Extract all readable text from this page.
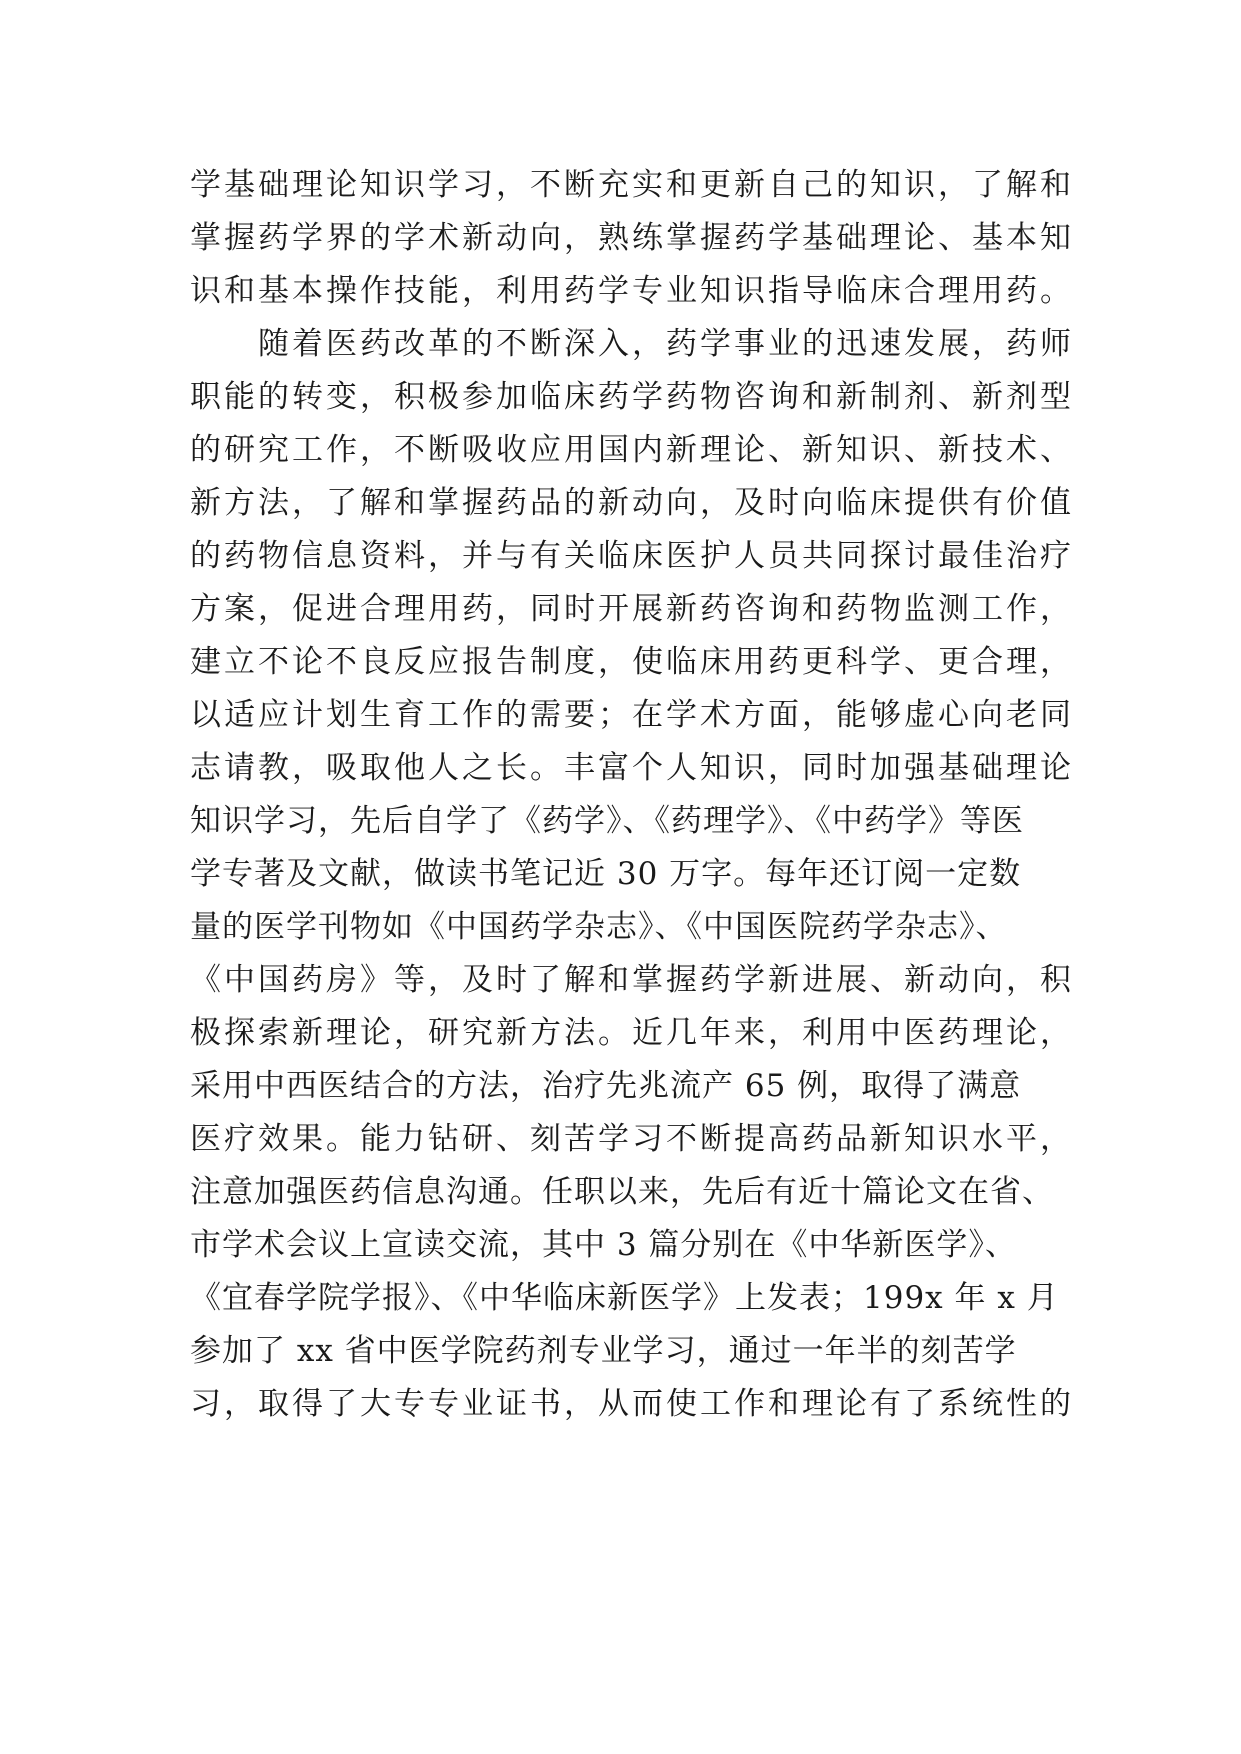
学基础理论知识学习，不断充实和更新自己的知识，了解和
掌握药学界的学术新动向，熟练掌握药学基础理论、基本知
识和基本操作技能，利用药学专业知识指导临床合理用药。
　　随着医药改革的不断深入，药学事业的迅速发展，药师
职能的转变，积极参加临床药学药物咨询和新制剂、新剂型
的研究工作，不断吸收应用国内新理论、新知识、新技术、
新方法，了解和掌握药品的新动向，及时向临床提供有价值
的药物信息资料，并与有关临床医护人员共同探讨最佳治疗
方案，促进合理用药，同时开展新药咨询和药物监测工作，
建立不论不良反应报告制度，使临床用药更科学、更合理，
以适应计划生育工作的需要；在学术方面，能够虚心向老同
志请教，吸取他人之长。丰富个人知识，同时加强基础理论
知识学习，先后自学了《药学》、《药理学》、《中药学》等医
学专著及文献，做读书笔记近 30 万字。每年还订阅一定数
量的医学刊物如《中国药学杂志》、《中国医院药学杂志》、
《中国药房》等，及时了解和掌握药学新进展、新动向，积
极探索新理论，研究新方法。近几年来，利用中医药理论，
采用中西医结合的方法，治疗先兆流产 65 例，取得了满意
医疗效果。能力钻研、刻苦学习不断提高药品新知识水平，
注意加强医药信息沟通。任职以来，先后有近十篇论文在省、
市学术会议上宣读交流，其中 3 篇分别在《中华新医学》、
《宜春学院学报》、《中华临床新医学》上发表；199x 年 x 月
参加了 xx 省中医学院药剂专业学习，通过一年半的刻苦学
习，取得了大专专业证书，从而使工作和理论有了系统性的
